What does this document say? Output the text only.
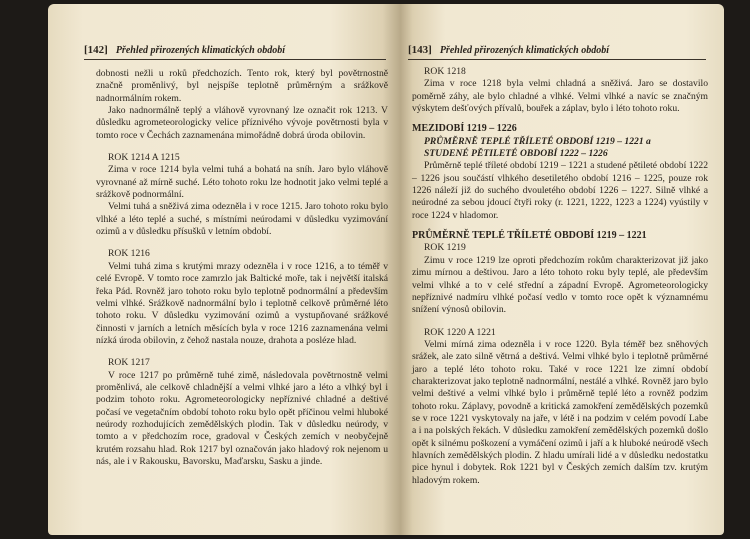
[142] Přehled přirozených klimatických období

dobnosti nežli u roků předchozích. Tento rok, který byl povětrnostně značně proměnlivý, byl nejspíše teplotně průměrným a srážkově nadnormálním rokem.

Jako nadnormálně teplý a vláhově vyrovnaný lze označit rok 1213. V důsledku agrometeorologicky velice příznivého vývoje povětrnosti byla v tomto roce v Čechách zaznamenána mimořádně dobrá úroda obilovin.

ROK 1214 A 1215

Zima v roce 1214 byla velmi tuhá a bohatá na sníh. Jaro bylo vláhově vyrovnané až mírně suché. Léto tohoto roku lze hodnotit jako velmi teplé a srážkově podnormální.

Velmi tuhá a sněživá zima odezněla i v roce 1215. Jaro tohoto roku bylo vlhké a léto teplé a suché, s místními neúrodami v důsledku vyzimování ozimů a v důsledku přísušků v letním období.

ROK 1216

Velmi tuhá zima s krutými mrazy odezněla i v roce 1216, a to téměř v celé Evropě. V tomto roce zamrzlo jak Baltické moře, tak i největší italská řeka Pád. Rovněž jaro tohoto roku bylo teplotně podnormální a především velmi vlhké. Srážkově nadnormální bylo i teplotně celkově průměrné léto tohoto roku. V důsledku vyzimování ozimů a vystupňované srážkové činnosti v jarních a letních měsících byla v roce 1216 zaznamenána velmi nízká úroda obilovin, z čehož nastala nouze, drahota a posléze hlad.

ROK 1217

V roce 1217 po průměrně tuhé zimě, následovala povětrnostně velmi proměnlivá, ale celkově chladnější a velmi vlhké jaro a léto a vlhký byl i podzim tohoto roku. Agrometeorologicky nepříznivé chladné a deštivé počasí ve vegetačním období tohoto roku bylo opět příčinou velmi hluboké neúrody rozhodujících zemědělských plodin. Tak v důsledku neúrody, v tomto a v předchozím roce, gradoval v Českých zemích v neobyčejně krutém rozsahu hlad. Rok 1217 byl označován jako hladový rok nejenom u nás, ale i v Rakousku, Bavorsku, Maďarsku, Sasku a jinde.

[143] Přehled přirozených klimatických období

ROK 1218

Zima v roce 1218 byla velmi chladná a sněživá. Jaro se dostavilo poměrně záhy, ale bylo chladné a vlhké. Velmi vlhké a navíc se značným výskytem dešťových přívalů, bouřek a záplav, bylo i léto tohoto roku.

MEZIDOBÍ 1219 – 1226

PRŮMĚRNĚ TEPLÉ TŘÍLETÉ OBDOBÍ 1219 – 1221 a

STUDENÉ PĚTILETÉ OBDOBÍ 1222 – 1226

Průměrně teplé tříleté období 1219 – 1221 a studené pětileté období 1222 – 1226 jsou součástí vlhkého desetiletého období 1216 – 1225, pouze rok 1226 náleží již do suchého dvouletého období 1226 – 1227. Silně vlhké a neúrodné za sebou jdoucí čtyři roky (r. 1221, 1222, 1223 a 1224) vyústily v roce 1224 v hladomor.

PRŮMĚRNĚ TEPLÉ TŘÍLETÉ OBDOBÍ 1219 – 1221

ROK 1219

Zimu v roce 1219 lze oproti předchozím rokům charakterizovat již jako zimu mírnou a deštivou. Jaro a léto tohoto roku byly teplé, ale především velmi vlhké a to v celé střední a západní Evropě. Agrometeorologicky nepříznivé nadmíru vlhké počasí vedlo v tomto roce opět k významnému snížení výnosů obilovin.

ROK 1220 A 1221

Velmi mírná zima odezněla i v roce 1220. Byla téměř bez sněhových srážek, ale zato silně větrná a deštivá. Velmi vlhké bylo i teplotně průměrné jaro a teplé léto tohoto roku. Také v roce 1221 lze zimní období charakterizovat jako teplotně nadnormální, nestálé a vlhké. Rovněž jaro bylo velmi deštivé a velmi vlhké bylo i průměrně teplé léto a rovněž podzim tohoto roku. Záplavy, povodně a kritická zamokření zemědělských pozemků se v roce 1221 vyskytovaly na jaře, v létě i na podzim v celém povodí Labe a i na polských řekách. V důsledku zamokření zemědělských pozemků došlo opět k silnému poškození a vymáčení ozimů i jaří a k hluboké neúrodě všech hlavních zemědělských plodin. Z hladu umírali lidé a v důsledku nedostatku pice hynul i dobytek. Rok 1221 byl v Českých zemích dalším tzv. krutým hladovým rokem.
